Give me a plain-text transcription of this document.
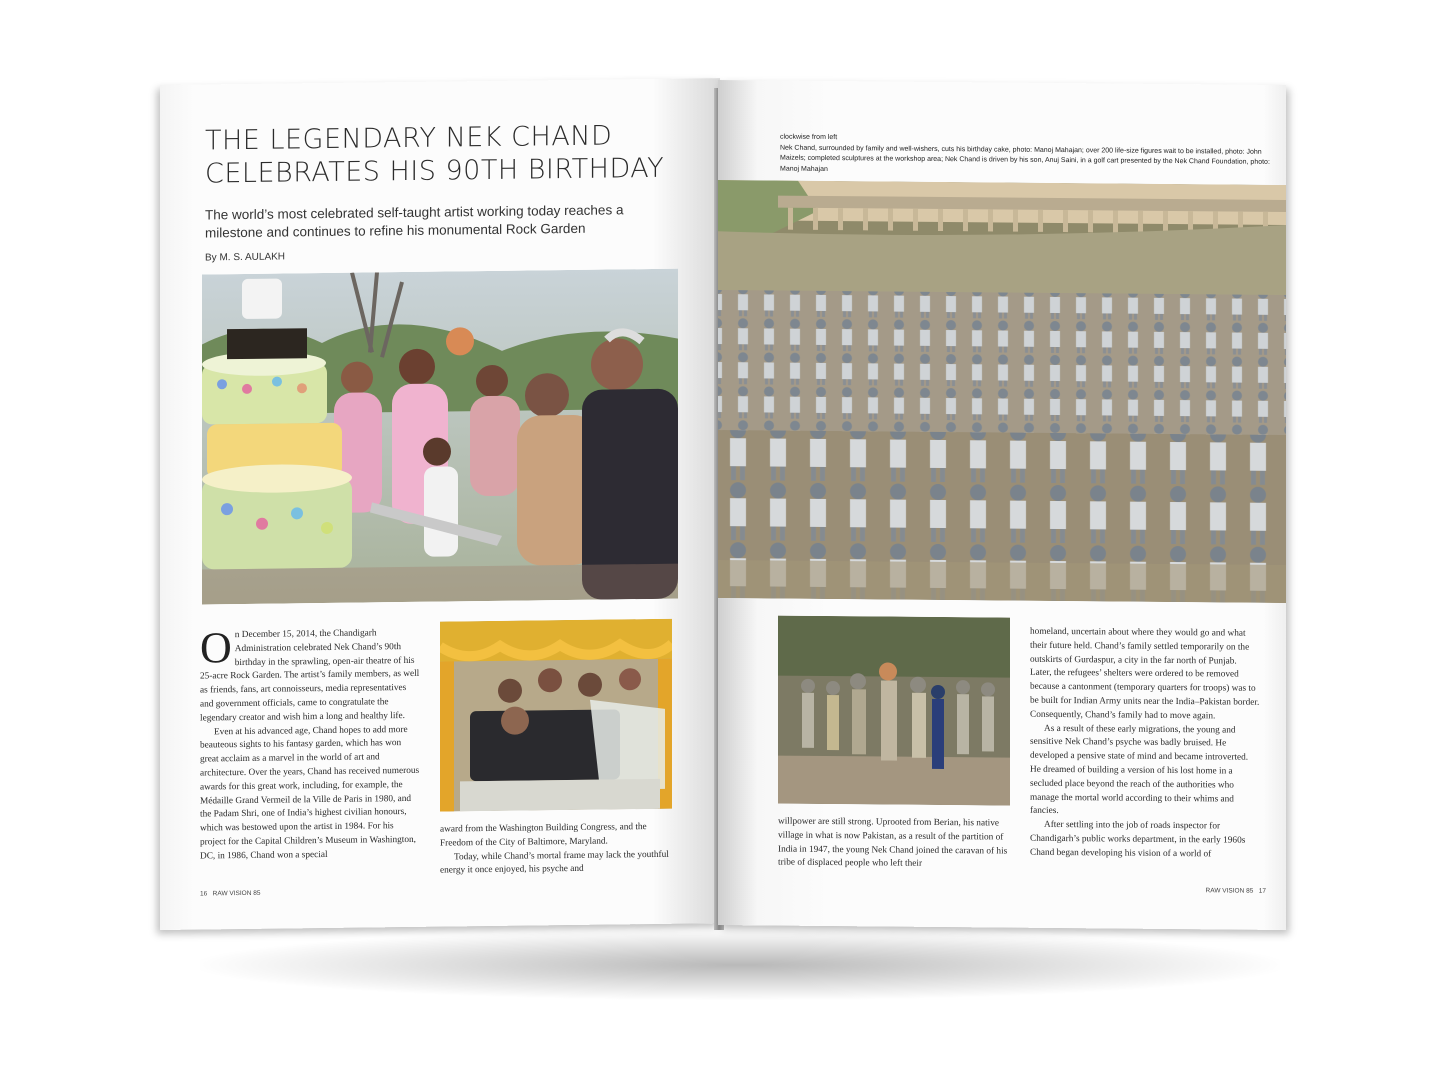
THE LEGENDARY NEK CHAND CELEBRATES HIS 90TH BIRTHDAY
The world’s most celebrated self-taught artist working today reaches a milestone and continues to refine his monumental Rock Garden
By M. S. AULAKH

On December 15, 2014, the Chandigarh Administration celebrated Nek Chand’s 90th birthday in the sprawling, open-air theatre of his 25-acre Rock Garden. The artist’s family members, as well as friends, fans, art connoisseurs, media representatives and government officials, came to congratulate the legendary creator and wish him a long and healthy life.

Even at his advanced age, Chand hopes to add more beauteous sights to his fantasy garden, which has won great acclaim as a marvel in the world of art and architecture. Over the years, Chand has received numerous awards for this great work, including, for example, the Médaille Grand Vermeil de la Ville de Paris in 1980, and the Padam Shri, one of India’s highest civilian honours, which was bestowed upon the artist in 1984. For his project for the Capital Children’s Museum in Washington, DC, in 1986, Chand won a special

award from the Washington Building Congress, and the Freedom of the City of Baltimore, Maryland.

Today, while Chand’s mortal frame may lack the youthful energy it once enjoyed, his psyche and

16 RAW VISION 85
clockwise from left
Nek Chand, surrounded by family and well-wishers, cuts his birthday cake, photo: Manoj Mahajan; over 200 life-size figures wait to be installed, photo: John Maizels; completed sculptures at the workshop area; Nek Chand is driven by his son, Anuj Saini, in a golf cart presented by the Nek Chand Foundation, photo: Manoj Mahajan

willpower are still strong. Uprooted from Berian, his native village in what is now Pakistan, as a result of the partition of India in 1947, the young Nek Chand joined the caravan of his tribe of displaced people who left their

homeland, uncertain about where they would go and what their future held. Chand’s family settled temporarily on the outskirts of Gurdaspur, a city in the far north of Punjab. Later, the refugees’ shelters were ordered to be removed because a cantonment (temporary quarters for troops) was to be built for Indian Army units near the India–Pakistan border. Consequently, Chand’s family had to move again.

As a result of these early migrations, the young and sensitive Nek Chand’s psyche was badly bruised. He developed a pensive state of mind and became introverted. He dreamed of building a version of his lost home in a secluded place beyond the reach of the authorities who manage the mortal world according to their whims and fancies.

After settling into the job of roads inspector for Chandigarh’s public works department, in the early 1960s Chand began developing his vision of a world of

RAW VISION 85 17
